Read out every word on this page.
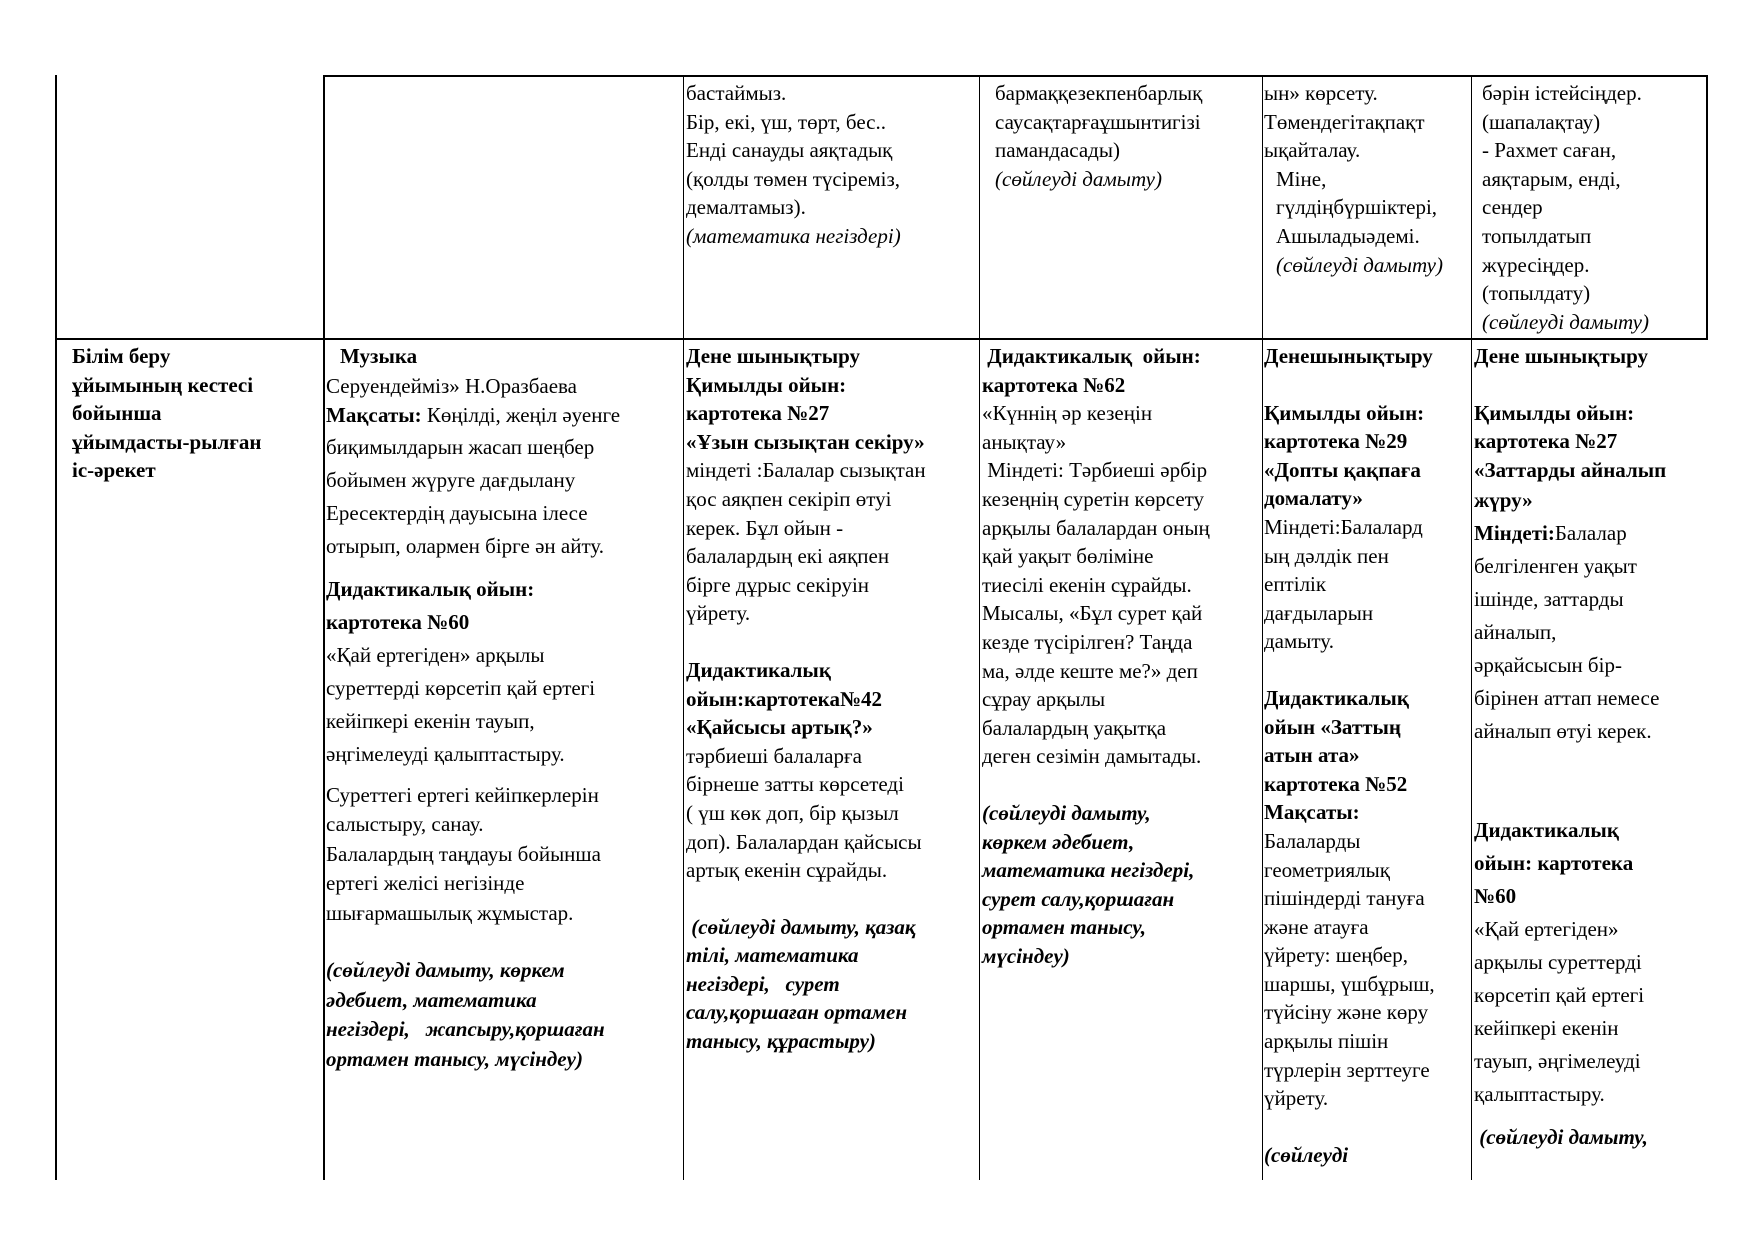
бастаймыз.

Бір, екі, үш, төрт, бес..

Енді санауды аяқтадық

(қолды төмен түсіреміз,

демалтамыз).

(математика негіздері)

бармаққезекпенбарлық

саусақтарғаұшынтигізі

памандасады)

(сөйлеуді дамыту)

ын» көрсету.

Төмендегітақпақт

ықайталау.

Міне,

гүлдіңбүршіктері,

Ашыладыәдемі.

(сөйлеуді дамыту)

бәрін істейсіңдер.

(шапалақтау)

- Рахмет саған,

аяқтарым, енді,

сендер

топылдатып

жүресіңдер.

(топылдату)

(сөйлеуді дамыту)

Білім беру

ұйымының кестесі

бойынша

ұйымдасты-рылған

іс-әрекет

Музыка

Серуендейміз» Н.Оразбаева

Мақсаты: Көңілді, жеңіл әуенге

биқимылдарын жасап шеңбер

бойымен жүруге дағдылану

Ересектердің дауысына ілесе

отырып, олармен бірге ән айту.

Дидактикалық ойын:

картотека №60

«Қай ертегіден» арқылы

суреттерді көрсетіп қай ертегі

кейіпкері екенін тауып,

әңгімелеуді қалыптастыру.

Суреттегі ертегі кейіпкерлерін

салыстыру, санау.

Балалардың таңдауы бойынша

ертегі желісі негізінде

шығармашылық жұмыстар.

(сөйлеуді дамыту, көркем

әдебиет, математика

негіздері,   жапсыру,қоршаған

ортамен танысу, мүсіндеу)

Дене шынықтыру

Қимылды ойын:

картотека №27

«Ұзын сызықтан секіру»

міндеті :Балалар сызықтан

қос аяқпен секіріп өтуі

керек. Бұл ойын -

балалардың екі аяқпен

бірге дұрыс секіруін

үйрету.

Дидактикалық

ойын:картотека№42

«Қайсысы артық?»

тәрбиеші балаларға

бірнеше затты көрсетеді

( үш көк доп, бір қызыл

доп). Балалардан қайсысы

артық екенін сұрайды.

(сөйлеуді дамыту, қазақ

тілі, математика

негіздері,   сурет

салу,қоршаған ортамен

танысу, құрастыру)

Дидактикалық  ойын:

картотека №62

«Күннің әр кезеңін

анықтау»

Міндеті: Тәрбиеші әрбір

кезеңнің суретін көрсету

арқылы балалардан оның

қай уақыт бөліміне

тиесілі екенін сұрайды.

Мысалы, «Бұл сурет қай

кезде түсірілген? Таңда

ма, әлде кеште ме?» деп

сұрау арқылы

балалардың уақытқа

деген сезімін дамытады.

(сөйлеуді дамыту,

көркем әдебиет,

математика негіздері,

сурет салу,қоршаған

ортамен танысу,

мүсіндеу)

Денешынықтыру

Қимылды ойын:

картотека №29

«Допты қақпаға

домалату»

Міндеті:Балалард

ың дәлдік пен

ептілік

дағдыларын

дамыту.

Дидактикалық

ойын «Заттың

атын ата»

картотека №52

Мақсаты:

Балаларды

геометриялық

пішіндерді тануға

және атауға

үйрету: шеңбер,

шаршы, үшбұрыш,

түйсіну және көру

арқылы пішін

түрлерін зерттеуге

үйрету.

(сөйлеуді

Дене шынықтыру

Қимылды ойын:

картотека №27

«Заттарды айналып

жүру»

Міндеті:Балалар

белгіленген уақыт

ішінде, заттарды

айналып,

әрқайсысын бір-

бірінен аттап немесе

айналып өтуі керек.

Дидактикалық

ойын: картотека

№60

«Қай ертегіден»

арқылы суреттерді

көрсетіп қай ертегі

кейіпкері екенін

тауып, әңгімелеуді

қалыптастыру.

(сөйлеуді дамыту,
